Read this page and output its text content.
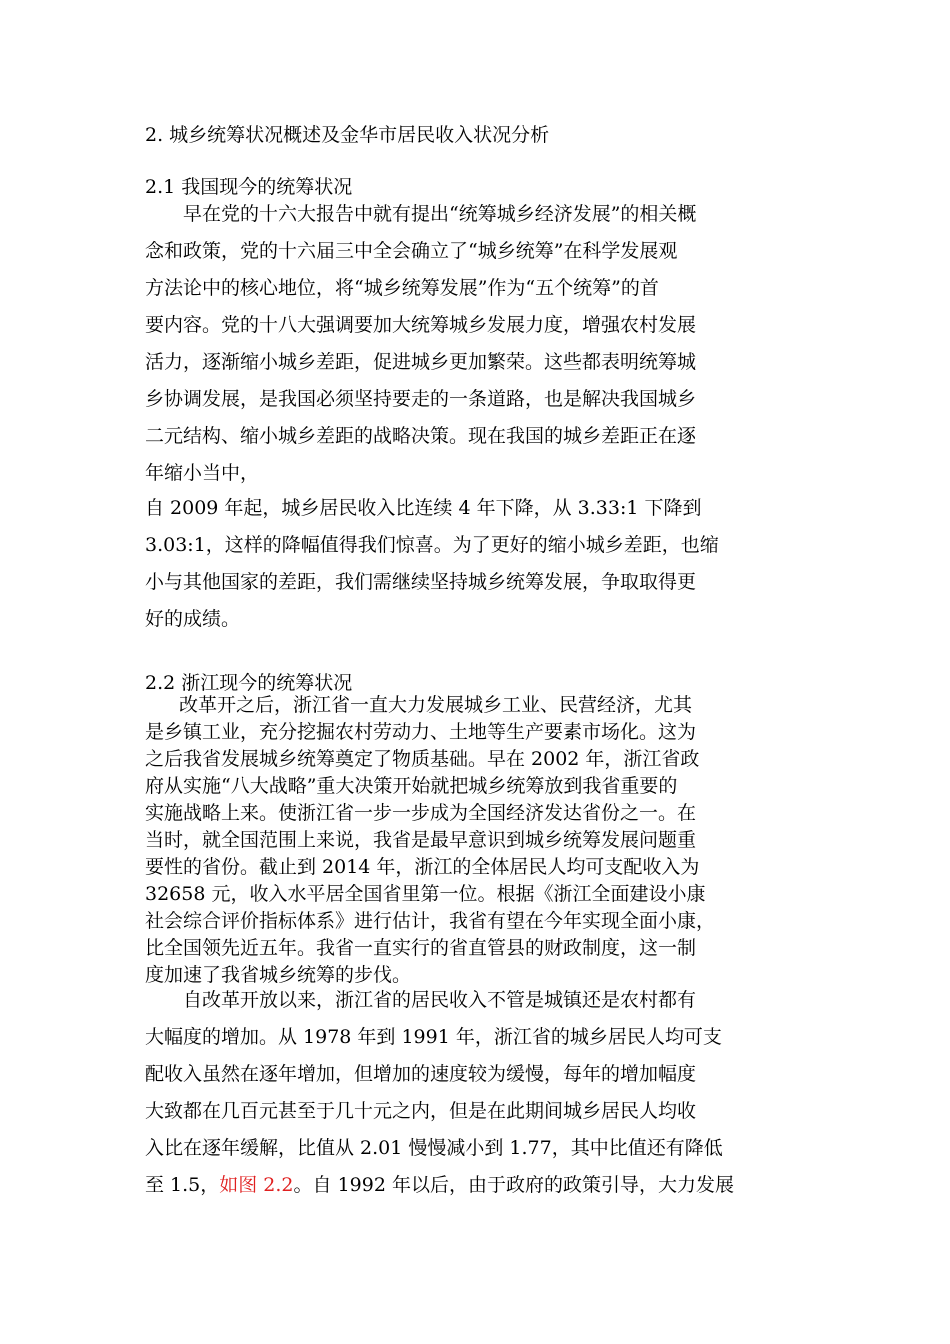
2. 城乡统筹状况概述及金华市居民收入状况分析
2.1 我国现今的统筹状况
早在党的十六大报告中就有提出“统筹城乡经济发展”的相关概
念和政策，党的十六届三中全会确立了“城乡统筹”在科学发展观
方法论中的核心地位，将“城乡统筹发展”作为“五个统筹”的首
要内容。党的十八大强调要加大统筹城乡发展力度，增强农村发展
活力，逐渐缩小城乡差距，促进城乡更加繁荣。这些都表明统筹城
乡协调发展，是我国必须坚持要走的一条道路，也是解决我国城乡
二元结构、缩小城乡差距的战略决策。现在我国的城乡差距正在逐
年缩小当中，
自 2009 年起，城乡居民收入比连续 4 年下降，从 3.33:1 下降到
3.03:1，这样的降幅值得我们惊喜。为了更好的缩小城乡差距，也缩
小与其他国家的差距，我们需继续坚持城乡统筹发展，争取取得更
好的成绩。
2.2 浙江现今的统筹状况
改革开之后，浙江省一直大力发展城乡工业、民营经济，尤其
是乡镇工业，充分挖掘农村劳动力、土地等生产要素市场化。这为
之后我省发展城乡统筹奠定了物质基础。早在 2002 年，浙江省政
府从实施“八大战略”重大决策开始就把城乡统筹放到我省重要的
实施战略上来。使浙江省一步一步成为全国经济发达省份之一。在
当时，就全国范围上来说，我省是最早意识到城乡统筹发展问题重
要性的省份。截止到 2014 年，浙江的全体居民人均可支配收入为
32658 元，收入水平居全国省里第一位。根据《浙江全面建设小康
社会综合评价指标体系》进行估计，我省有望在今年实现全面小康，
比全国领先近五年。我省一直实行的省直管县的财政制度，这一制
度加速了我省城乡统筹的步伐。
自改革开放以来，浙江省的居民收入不管是城镇还是农村都有
大幅度的增加。从 1978 年到 1991 年，浙江省的城乡居民人均可支
配收入虽然在逐年增加，但增加的速度较为缓慢，每年的增加幅度
大致都在几百元甚至于几十元之内，但是在此期间城乡居民人均收
入比在逐年缓解，比值从 2.01 慢慢减小到 1.77，其中比值还有降低
至 1.5，如图 2.2。自 1992 年以后，由于政府的政策引导，大力发展
